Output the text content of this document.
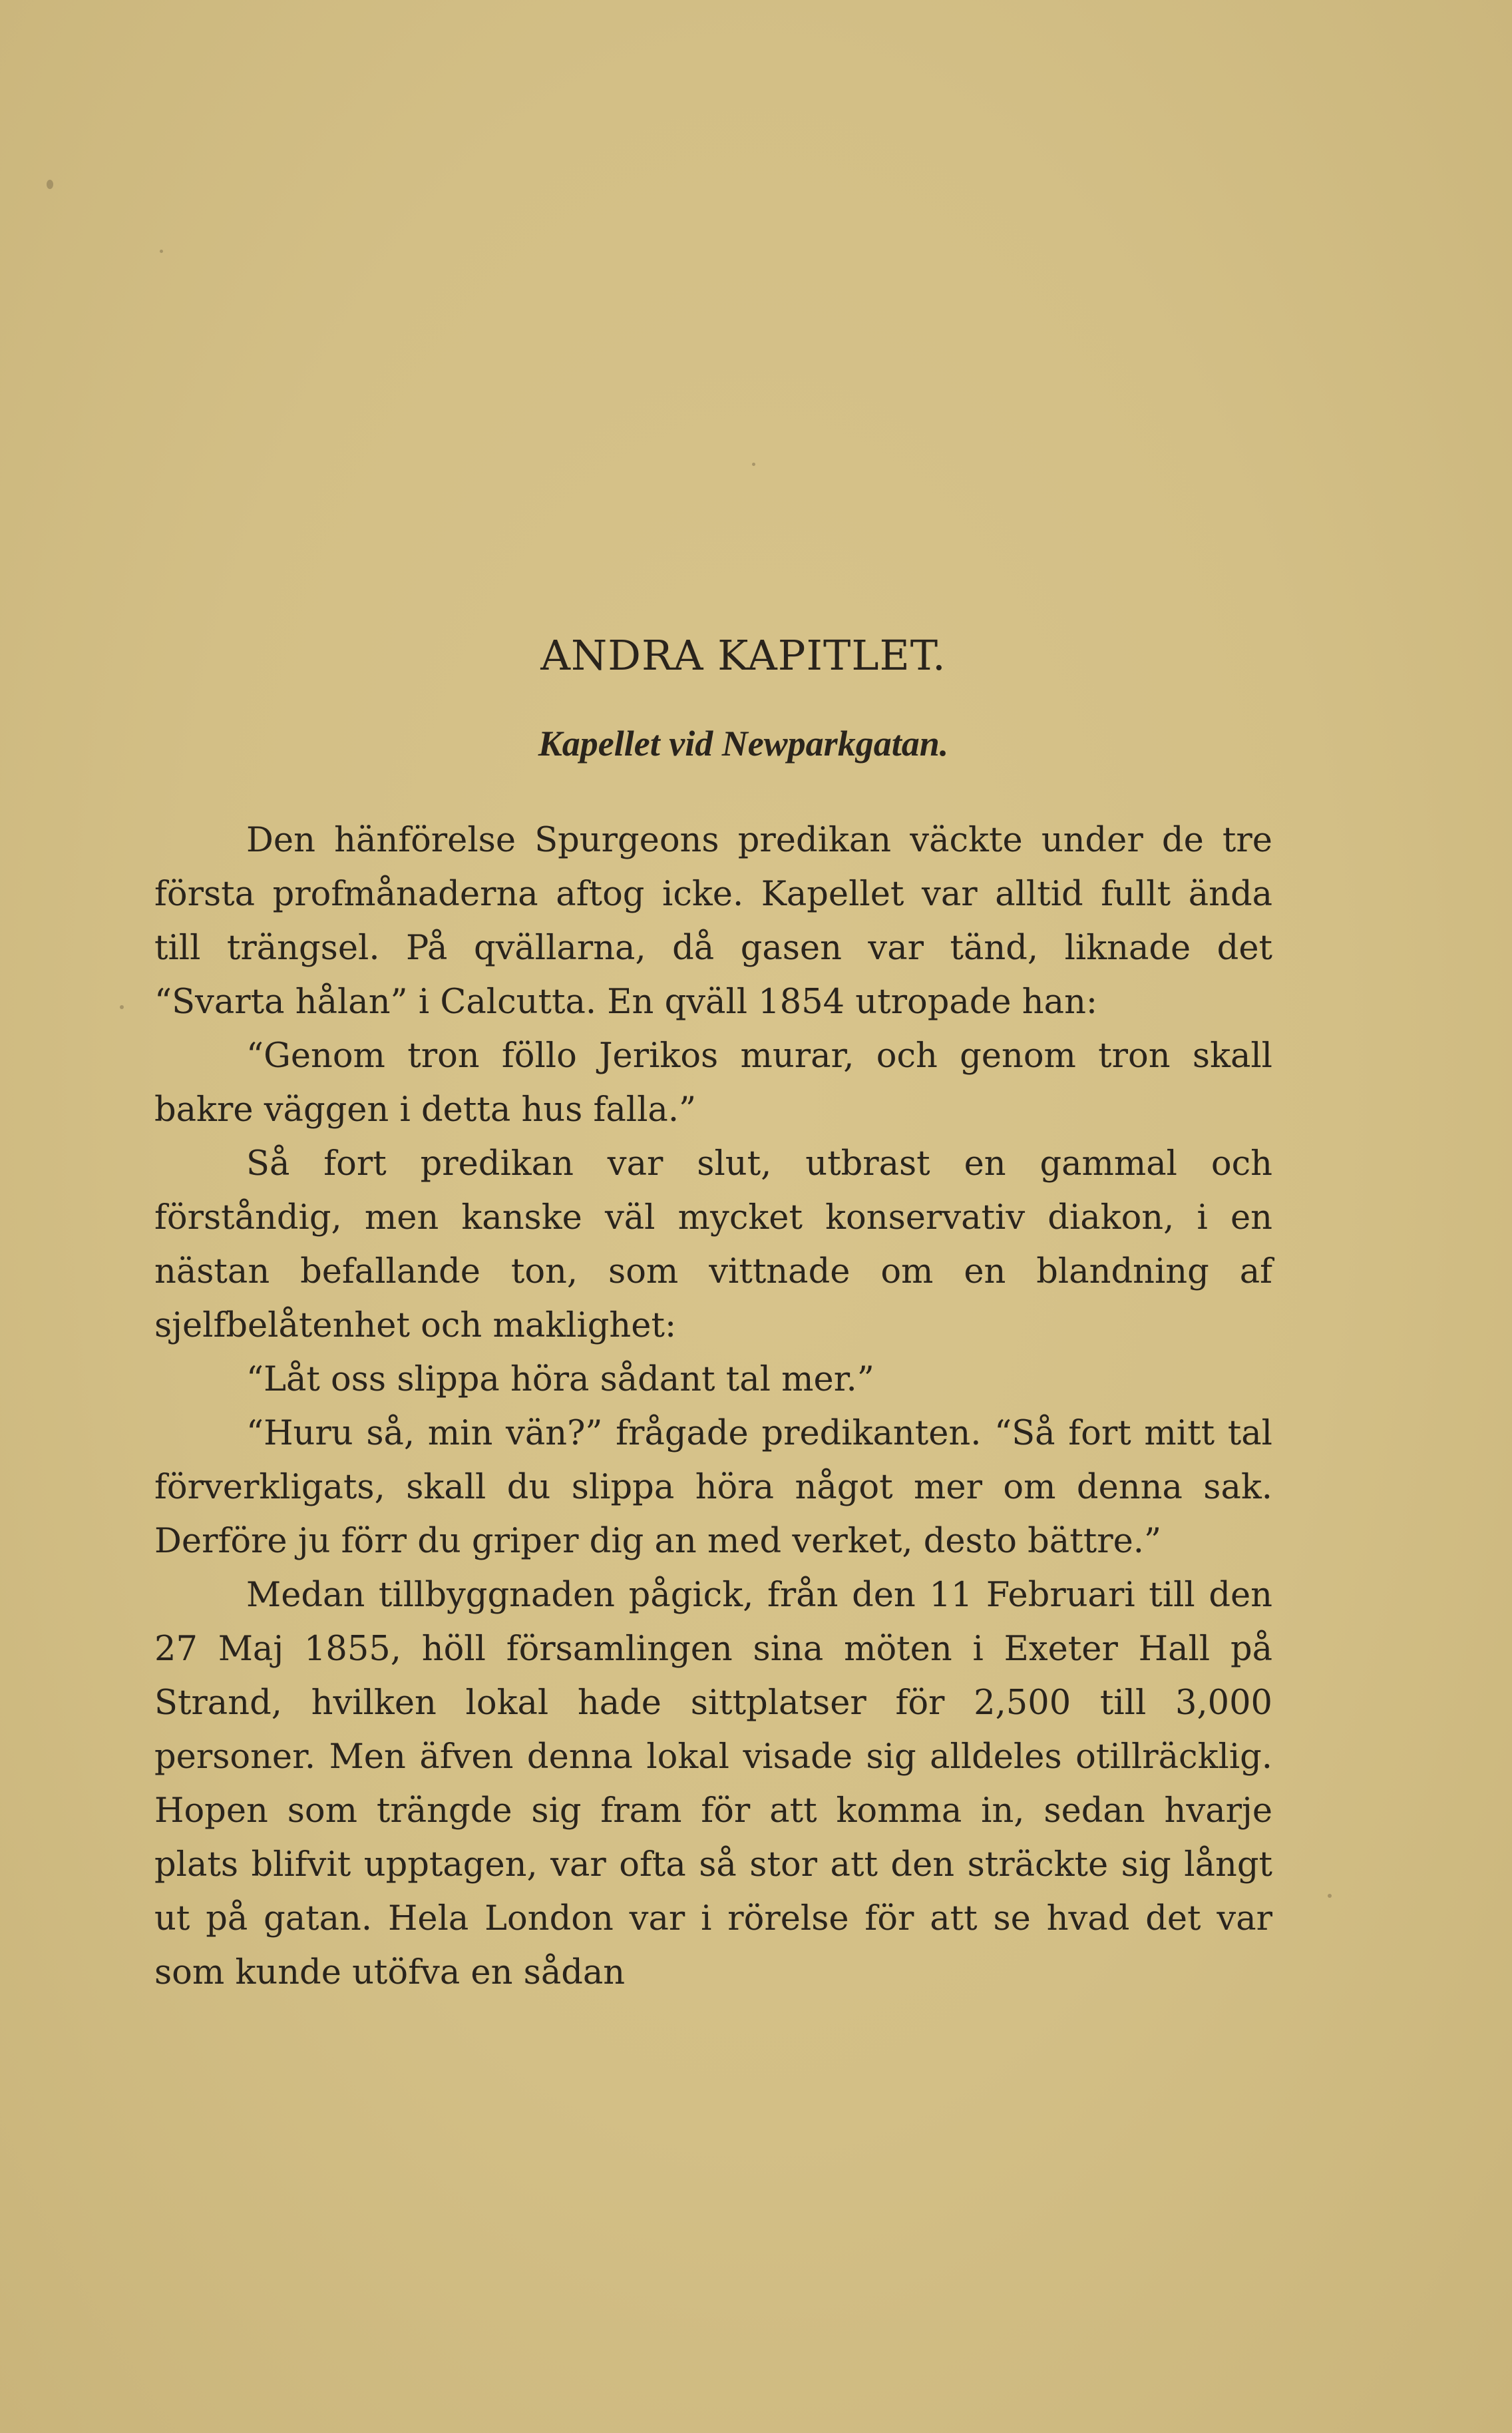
ANDRA KAPITLET.
Kapellet vid Newparkgatan.

Den hänförelse Spurgeons predikan väckte under de tre första profmånaderna aftog icke. Kapellet var alltid fullt ända till trängsel. På qvällarna, då gasen var tänd, liknade det “Svarta hålan” i Calcutta. En qväll 1854 utropade han:

“Genom tron föllo Jerikos murar, och genom tron skall bakre väggen i detta hus falla.”

Så fort predikan var slut, utbrast en gammal och förståndig, men kanske väl mycket konservativ diakon, i en nästan befallande ton, som vittnade om en blandning af sjelfbelåtenhet och maklighet:

“Låt oss slippa höra sådant tal mer.”

“Huru så, min vän?” frågade predikanten. “Så fort mitt tal förverkligats, skall du slippa höra något mer om denna sak. Derföre ju förr du griper dig an med verket, desto bättre.”

Medan tillbyggnaden pågick, från den 11 Februari till den 27 Maj 1855, höll församlingen sina möten i Exeter Hall på Strand, hvilken lokal hade sittplatser för 2,500 till 3,000 personer. Men äfven denna lokal visade sig alldeles otillräcklig. Hopen som trängde sig fram för att komma in, sedan hvarje plats blifvit upptagen, var ofta så stor att den sträckte sig långt ut på gatan. Hela London var i rörelse för att se hvad det var som kunde utöfva en sådan
